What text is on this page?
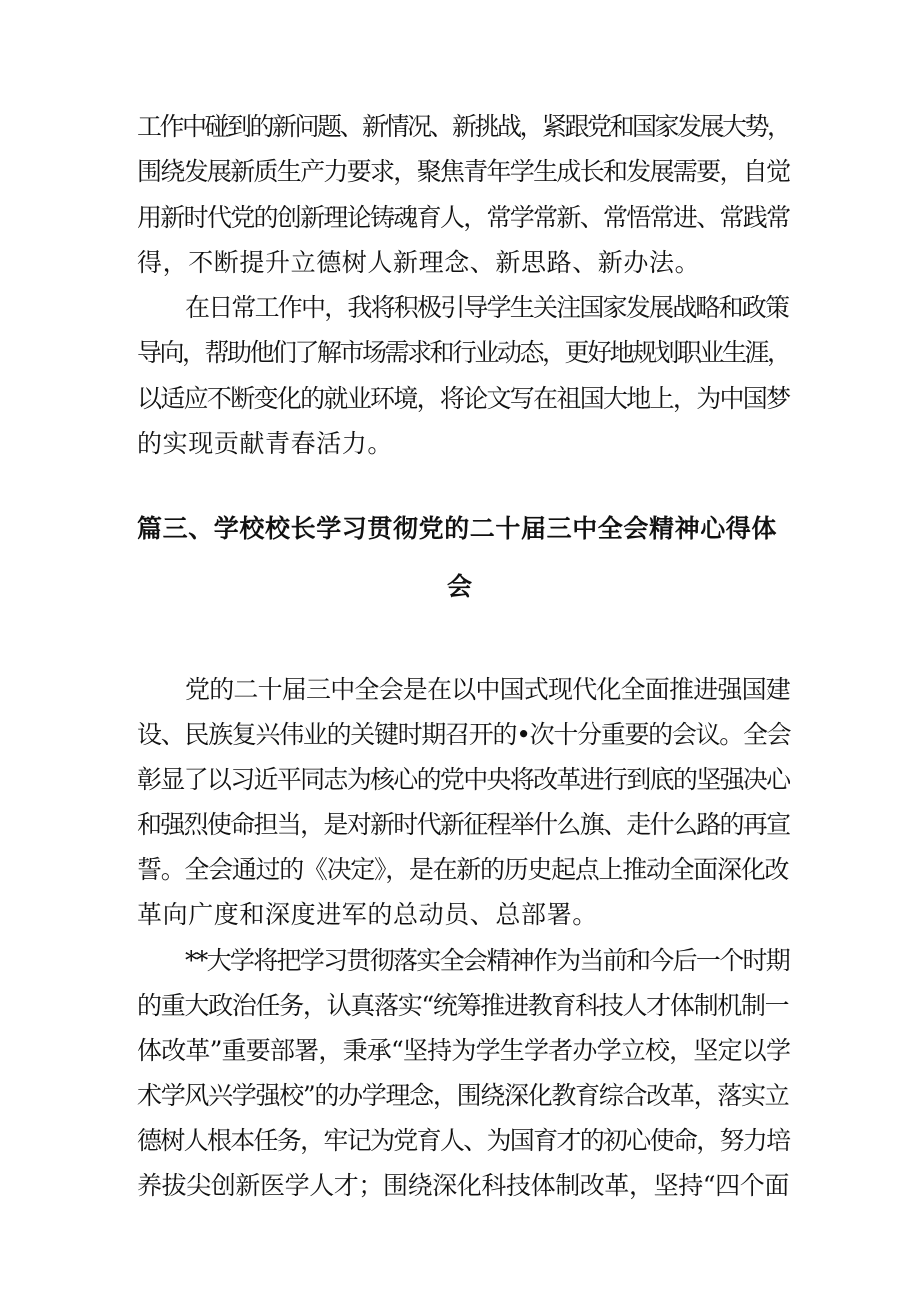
工作中碰到的新问题、新情况、新挑战，紧跟党和国家发展大势，
围绕发展新质生产力要求，聚焦青年学生成长和发展需要，自觉
用新时代党的创新理论铸魂育人，常学常新、常悟常进、常践常
得，不断提升立德树人新理念、新思路、新办法。
在日常工作中，我将积极引导学生关注国家发展战略和政策
导向，帮助他们了解市场需求和行业动态，更好地规划职业生涯，
以适应不断变化的就业环境，将论文写在祖国大地上，为中国梦
的实现贡献青春活力。
篇三、学校校长学习贯彻党的二十届三中全会精神心得体
会
党的二十届三中全会是在以中国式现代化全面推进强国建
设、民族复兴伟业的关键时期召开的•次十分重要的会议。全会
彰显了以习近平同志为核心的党中央将改革进行到底的坚强决心
和强烈使命担当，是对新时代新征程举什么旗、走什么路的再宣
誓。全会通过的《决定》，是在新的历史起点上推动全面深化改
革向广度和深度进军的总动员、总部署。
**大学将把学习贯彻落实全会精神作为当前和今后一个时期
的重大政治任务，认真落实“统筹推进教育科技人才体制机制一
体改革”重要部署，秉承“坚持为学生学者办学立校，坚定以学
术学风兴学强校”的办学理念，围绕深化教育综合改革，落实立
德树人根本任务，牢记为党育人、为国育才的初心使命，努力培
养拔尖创新医学人才；围绕深化科技体制改革，坚持“四个面
